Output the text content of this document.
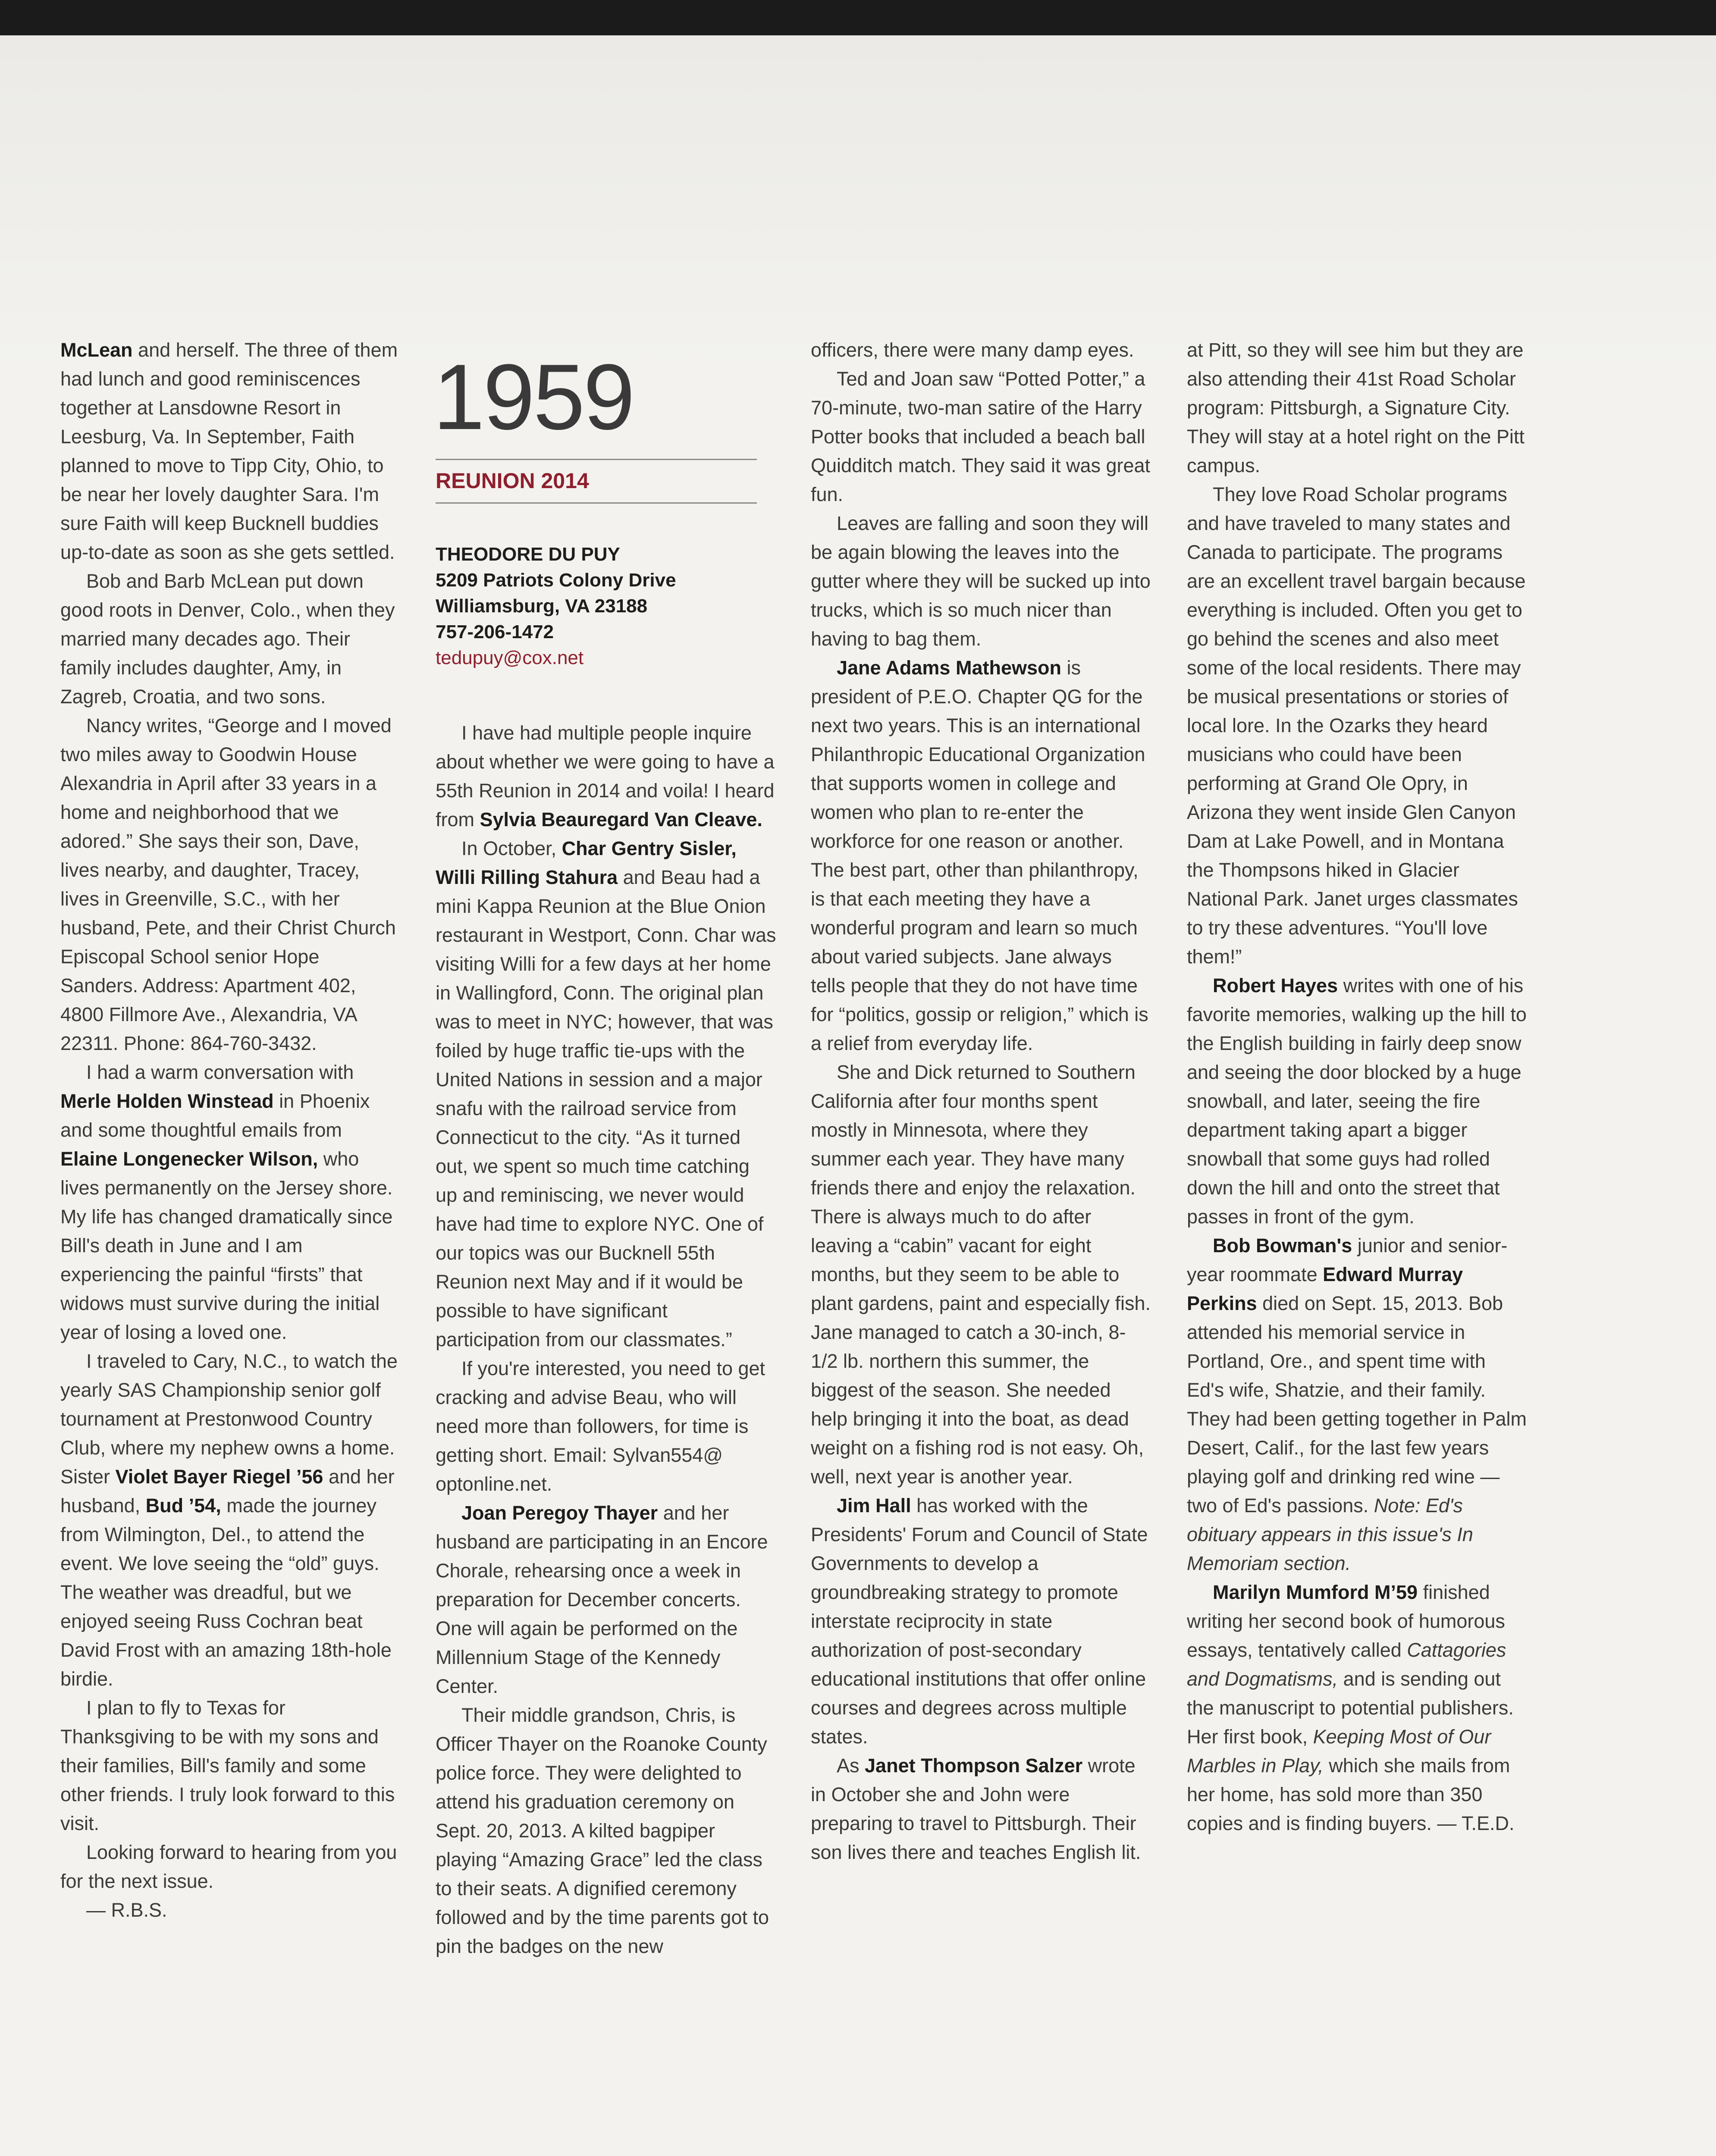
McLean and herself. The three of them had lunch and good reminiscences together at Lansdowne Resort in Leesburg, Va. In September, Faith planned to move to Tipp City, Ohio, to be near her lovely daughter Sara. I'm sure Faith will keep Bucknell buddies up-to-date as soon as she gets settled.

Bob and Barb McLean put down good roots in Denver, Colo., when they married many decades ago. Their family includes daughter, Amy, in Zagreb, Croatia, and two sons.

Nancy writes, “George and I moved two miles away to Goodwin House Alexandria in April after 33 years in a home and neighborhood that we adored.” She says their son, Dave, lives nearby, and daughter, Tracey, lives in Greenville, S.C., with her husband, Pete, and their Christ Church Episcopal School senior Hope Sanders. Address: Apartment 402, 4800 Fillmore Ave., Alexandria, VA 22311. Phone: 864-760-3432.

I had a warm conversation with Merle Holden Winstead in Phoenix and some thoughtful emails from Elaine Longenecker Wilson, who lives permanently on the Jersey shore. My life has changed dramatically since Bill's death in June and I am experiencing the painful “firsts” that widows must survive during the initial year of losing a loved one.

I traveled to Cary, N.C., to watch the yearly SAS Championship senior golf tournament at Prestonwood Country Club, where my nephew owns a home. Sister Violet Bayer Riegel ’56 and her husband, Bud ’54, made the journey from Wilmington, Del., to attend the event. We love seeing the “old” guys. The weather was dreadful, but we enjoyed seeing Russ Cochran beat David Frost with an amazing 18th-hole birdie.

I plan to fly to Texas for Thanksgiving to be with my sons and their families, Bill's family and some other friends. I truly look forward to this visit.

Looking forward to hearing from you for the next issue.

— R.B.S.

1959
REUNION 2014
THEODORE DU PUY
5209 Patriots Colony Drive
Williamsburg, VA 23188
757-206-1472
tedupuy@cox.net

I have had multiple people inquire about whether we were going to have a 55th Reunion in 2014 and voila! I heard from Sylvia Beauregard Van Cleave.

In October, Char Gentry Sisler, Willi Rilling Stahura and Beau had a mini Kappa Reunion at the Blue Onion restaurant in Westport, Conn. Char was visiting Willi for a few days at her home in Wallingford, Conn. The original plan was to meet in NYC; however, that was foiled by huge traffic tie-ups with the United Nations in session and a major snafu with the railroad service from Connecticut to the city. “As it turned out, we spent so much time catching up and reminiscing, we never would have had time to explore NYC. One of our topics was our Bucknell 55th Reunion next May and if it would be possible to have significant participation from our classmates.”

If you're interested, you need to get cracking and advise Beau, who will need more than followers, for time is getting short. Email: Sylvan554@ optonline.net.

Joan Peregoy Thayer and her husband are participating in an Encore Chorale, rehearsing once a week in preparation for December concerts. One will again be performed on the Millennium Stage of the Kennedy Center.

Their middle grandson, Chris, is Officer Thayer on the Roanoke County police force. They were delighted to attend his graduation ceremony on Sept. 20, 2013. A kilted bagpiper playing “Amazing Grace” led the class to their seats. A dignified ceremony followed and by the time parents got to pin the badges on the new

officers, there were many damp eyes.

Ted and Joan saw “Potted Potter,” a 70-minute, two-man satire of the Harry Potter books that included a beach ball Quidditch match. They said it was great fun.

Leaves are falling and soon they will be again blowing the leaves into the gutter where they will be sucked up into trucks, which is so much nicer than having to bag them.

Jane Adams Mathewson is president of P.E.O. Chapter QG for the next two years. This is an international Philanthropic Educational Organization that supports women in college and women who plan to re-enter the workforce for one reason or another. The best part, other than philanthropy, is that each meeting they have a wonderful program and learn so much about varied subjects. Jane always tells people that they do not have time for “politics, gossip or religion,” which is a relief from everyday life.

She and Dick returned to Southern California after four months spent mostly in Minnesota, where they summer each year. They have many friends there and enjoy the relaxation. There is always much to do after leaving a “cabin” vacant for eight months, but they seem to be able to plant gardens, paint and especially fish. Jane managed to catch a 30-inch, 8-1/2 lb. northern this summer, the biggest of the season. She needed help bringing it into the boat, as dead weight on a fishing rod is not easy. Oh, well, next year is another year.

Jim Hall has worked with the Presidents' Forum and Council of State Governments to develop a groundbreaking strategy to promote interstate reciprocity in state authorization of post-secondary educational institutions that offer online courses and degrees across multiple states.

As Janet Thompson Salzer wrote in October she and John were preparing to travel to Pittsburgh. Their son lives there and teaches English lit.

at Pitt, so they will see him but they are also attending their 41st Road Scholar program: Pittsburgh, a Signature City. They will stay at a hotel right on the Pitt campus.

They love Road Scholar programs and have traveled to many states and Canada to participate. The programs are an excellent travel bargain because everything is included. Often you get to go behind the scenes and also meet some of the local residents. There may be musical presentations or stories of local lore. In the Ozarks they heard musicians who could have been performing at Grand Ole Opry, in Arizona they went inside Glen Canyon Dam at Lake Powell, and in Montana the Thompsons hiked in Glacier National Park. Janet urges classmates to try these adventures. “You'll love them!”

Robert Hayes writes with one of his favorite memories, walking up the hill to the English building in fairly deep snow and seeing the door blocked by a huge snowball, and later, seeing the fire department taking apart a bigger snowball that some guys had rolled down the hill and onto the street that passes in front of the gym.

Bob Bowman's junior and senior-year roommate Edward Murray Perkins died on Sept. 15, 2013. Bob attended his memorial service in Portland, Ore., and spent time with Ed's wife, Shatzie, and their family. They had been getting together in Palm Desert, Calif., for the last few years playing golf and drinking red wine — two of Ed's passions. Note: Ed's obituary appears in this issue's In Memoriam section.

Marilyn Mumford M’59 finished writing her second book of humorous essays, tentatively called Cattagories and Dogmatisms, and is sending out the manuscript to potential publishers. Her first book, Keeping Most of Our Marbles in Play, which she mails from her home, has sold more than 350 copies and is finding buyers. — T.E.D.
